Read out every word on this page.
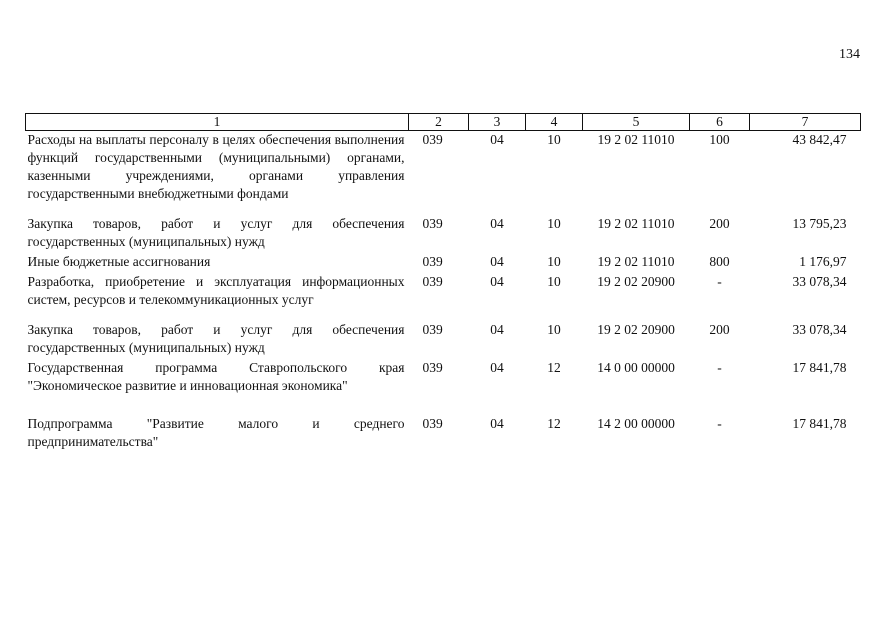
134
1	2	3	4	5	6	7
Расходы на выплаты персоналу в целях обеспечения выполнения функций государственными (муниципальными) органами, казенными учреждениями, органами управления государственными внебюджетными фондами	039	04	10	19 2 02 11010	100	43 842,47
Закупка товаров, работ и услуг для обеспечения государственных (муниципальных) нужд	039	04	10	19 2 02 11010	200	13 795,23
Иные бюджетные ассигнования	039	04	10	19 2 02 11010	800	1 176,97
Разработка, приобретение и эксплуатация информационных систем, ресурсов и телекоммуникационных услуг	039	04	10	19 2 02 20900	-	33 078,34
Закупка товаров, работ и услуг для обеспечения государственных (муниципальных) нужд	039	04	10	19 2 02 20900	200	33 078,34
Государственная программа Ставропольского края "Экономическое развитие и инновационная экономика"	039	04	12	14 0 00 00000	-	17 841,78
Подпрограмма "Развитие малого и среднего предпринимательства"	039	04	12	14 2 00 00000	-	17 841,78
